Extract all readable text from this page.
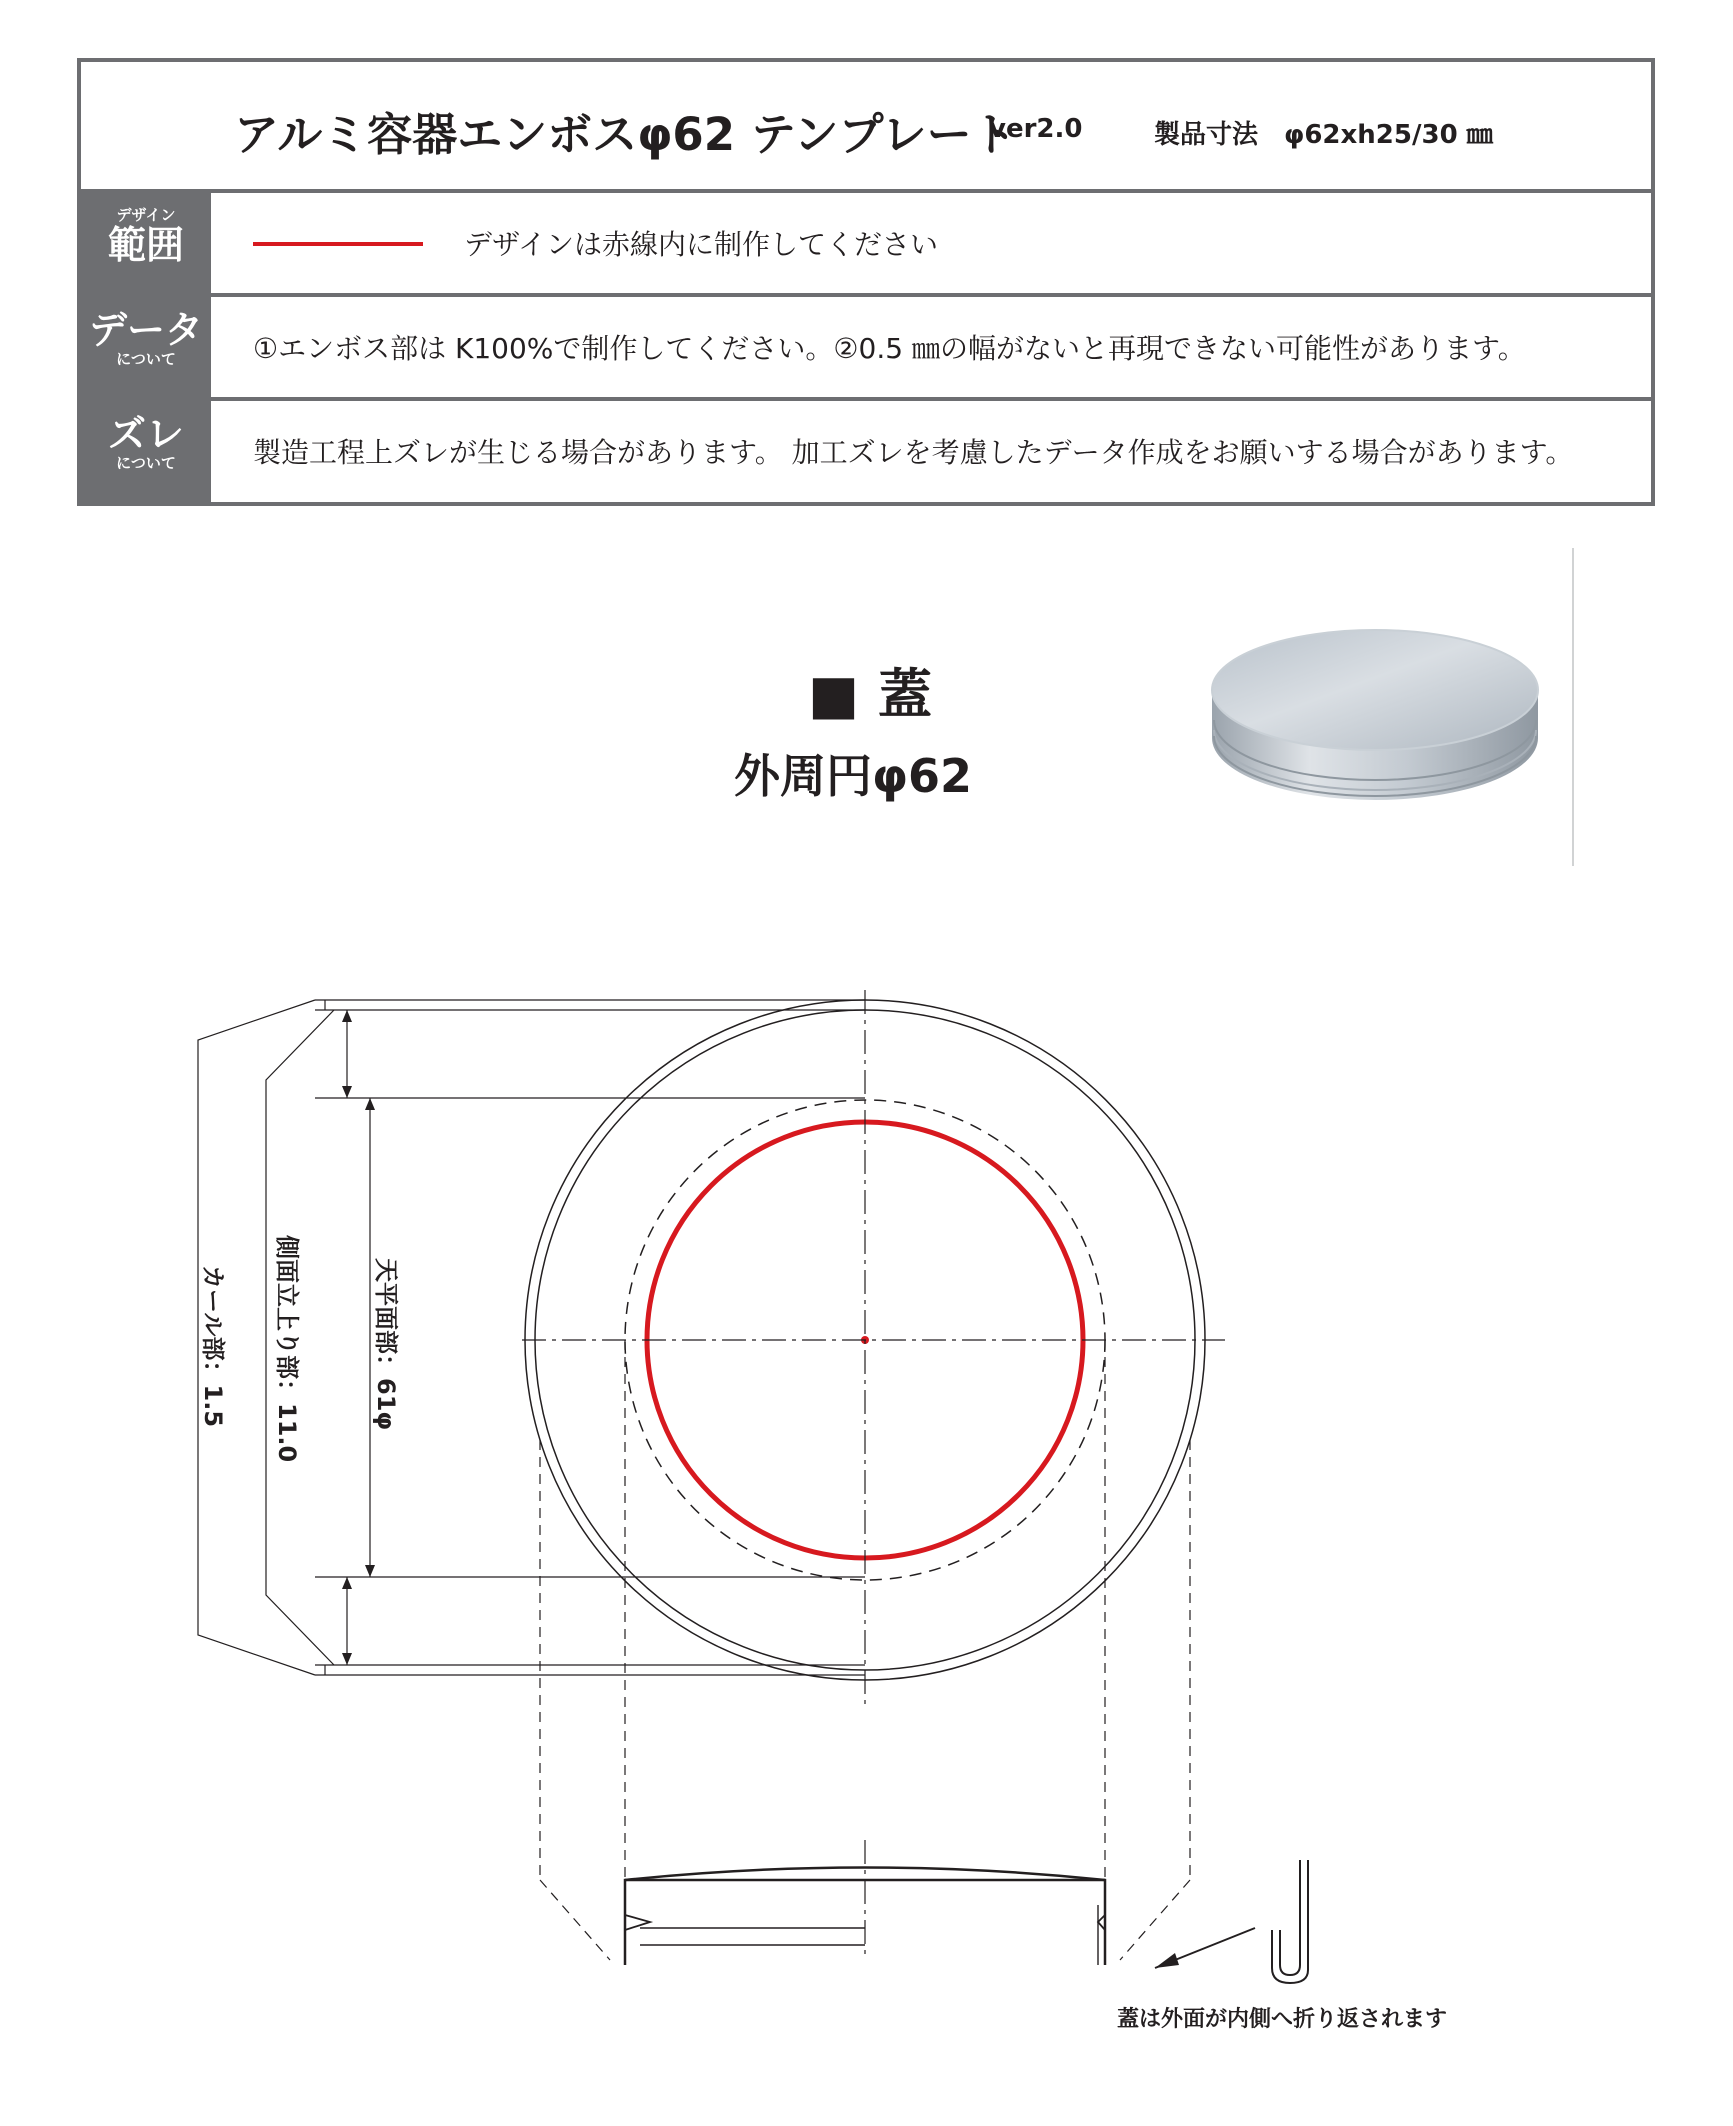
アルミ容器エンボスφ62 テンプレート
ver2.0	製品寸法　φ62xh25/30 ㎜
デザイン
範囲	デザインは赤線内に制作してください
データ
について	①エンボス部は K100%で制作してください。②0.5 ㎜の幅がないと再現できない可能性があります。
ズレ
について	製造工程上ズレが生じる場合があります。 加工ズレを考慮したデータ作成をお願いする場合があります。
■ 蓋
外周円φ62
カール部：1.5 側面立上り部：11.0	天平面部：61φ
蓋は外面が内側へ折り返されます
